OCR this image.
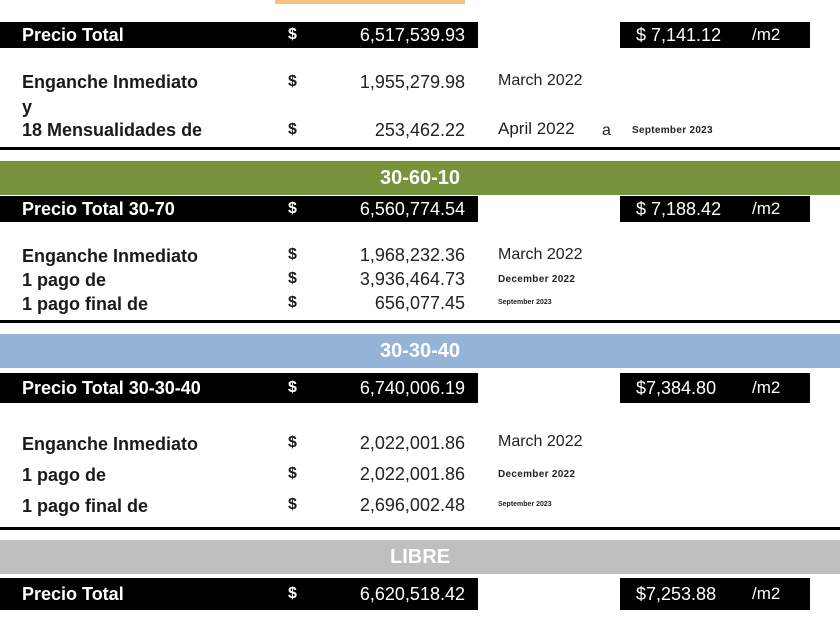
Precio Total	$	6,517,539.93	$ 7,141.12 /m2
Enganche Inmediato	$	1,955,279.98 March 2022
y
18 Mensualidades de	$	253,462.22 April 2022 a September 2023
30-60-10
Precio Total 30-70	$	6,560,774.54	$ 7,188.42 /m2
Enganche Inmediato	$	1,968,232.36 March 2022
1 pago de	$	3,936,464.73	December 2022
1 pago final de	$	656,077.45	September 2023
30-30-40
Precio Total 30-30-40	$	6,740,006.19	$7,384.80 /m2
Enganche Inmediato	$	2,022,001.86 March 2022
1 pago de	$	2,022,001.86	December 2022
1 pago final de	$	2,696,002.48	September 2023
LIBRE
Precio Total	$	6,620,518.42	$7,253.88 /m2
